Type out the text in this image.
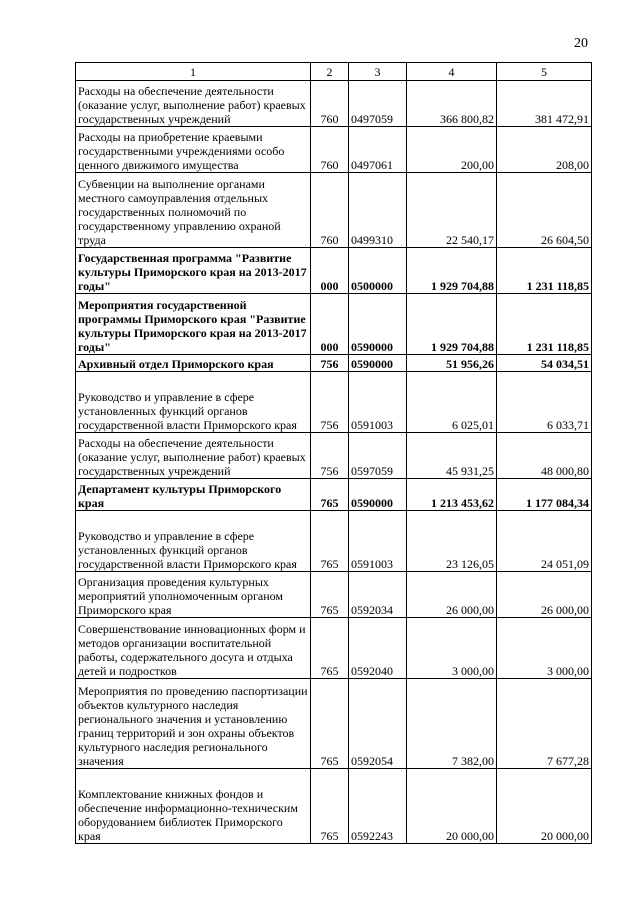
20
1	2	3	4	5
Расходы на обеспечение деятельности (оказание услуг, выполнение работ) краевых государственных учреждений	760	0497059	366 800,82	381 472,91
Расходы на приобретение краевыми государственными учреждениями особо ценного движимого имущества	760	0497061	200,00	208,00
Субвенции на выполнение органами местного самоуправления отдельных государственных полномочий по государственному управлению охраной труда	760	0499310	22 540,17	26 604,50
Государственная программа "Развитие культуры Приморского края на 2013-2017 годы"	000	0500000	1 929 704,88	1 231 118,85
Мероприятия государственной программы Приморского края "Развитие культуры Приморского края на 2013-2017 годы"	000	0590000	1 929 704,88	1 231 118,85
Архивный отдел Приморского края	756	0590000	51 956,26	54 034,51
Руководство и управление в сфере установленных функций органов государственной власти Приморского края	756	0591003	6 025,01	6 033,71
Расходы на обеспечение деятельности (оказание услуг, выполнение работ) краевых государственных учреждений	756	0597059	45 931,25	48 000,80
Департамент культуры Приморского края	765	0590000	1 213 453,62	1 177 084,34
Руководство и управление в сфере установленных функций органов государственной власти Приморского края	765	0591003	23 126,05	24 051,09
Организация проведения культурных мероприятий уполномоченным органом Приморского края	765	0592034	26 000,00	26 000,00
Совершенствование инновационных форм и методов организации воспитательной работы, содержательного досуга и отдыха детей и подростков	765	0592040	3 000,00	3 000,00
Мероприятия по проведению паспортизации объектов культурного наследия регионального значения и установлению границ территорий и зон охраны объектов культурного наследия регионального значения	765	0592054	7 382,00	7 677,28
Комплектование книжных фондов и обеспечение информационно-техническим оборудованием библиотек Приморского края	765	0592243	20 000,00	20 000,00
